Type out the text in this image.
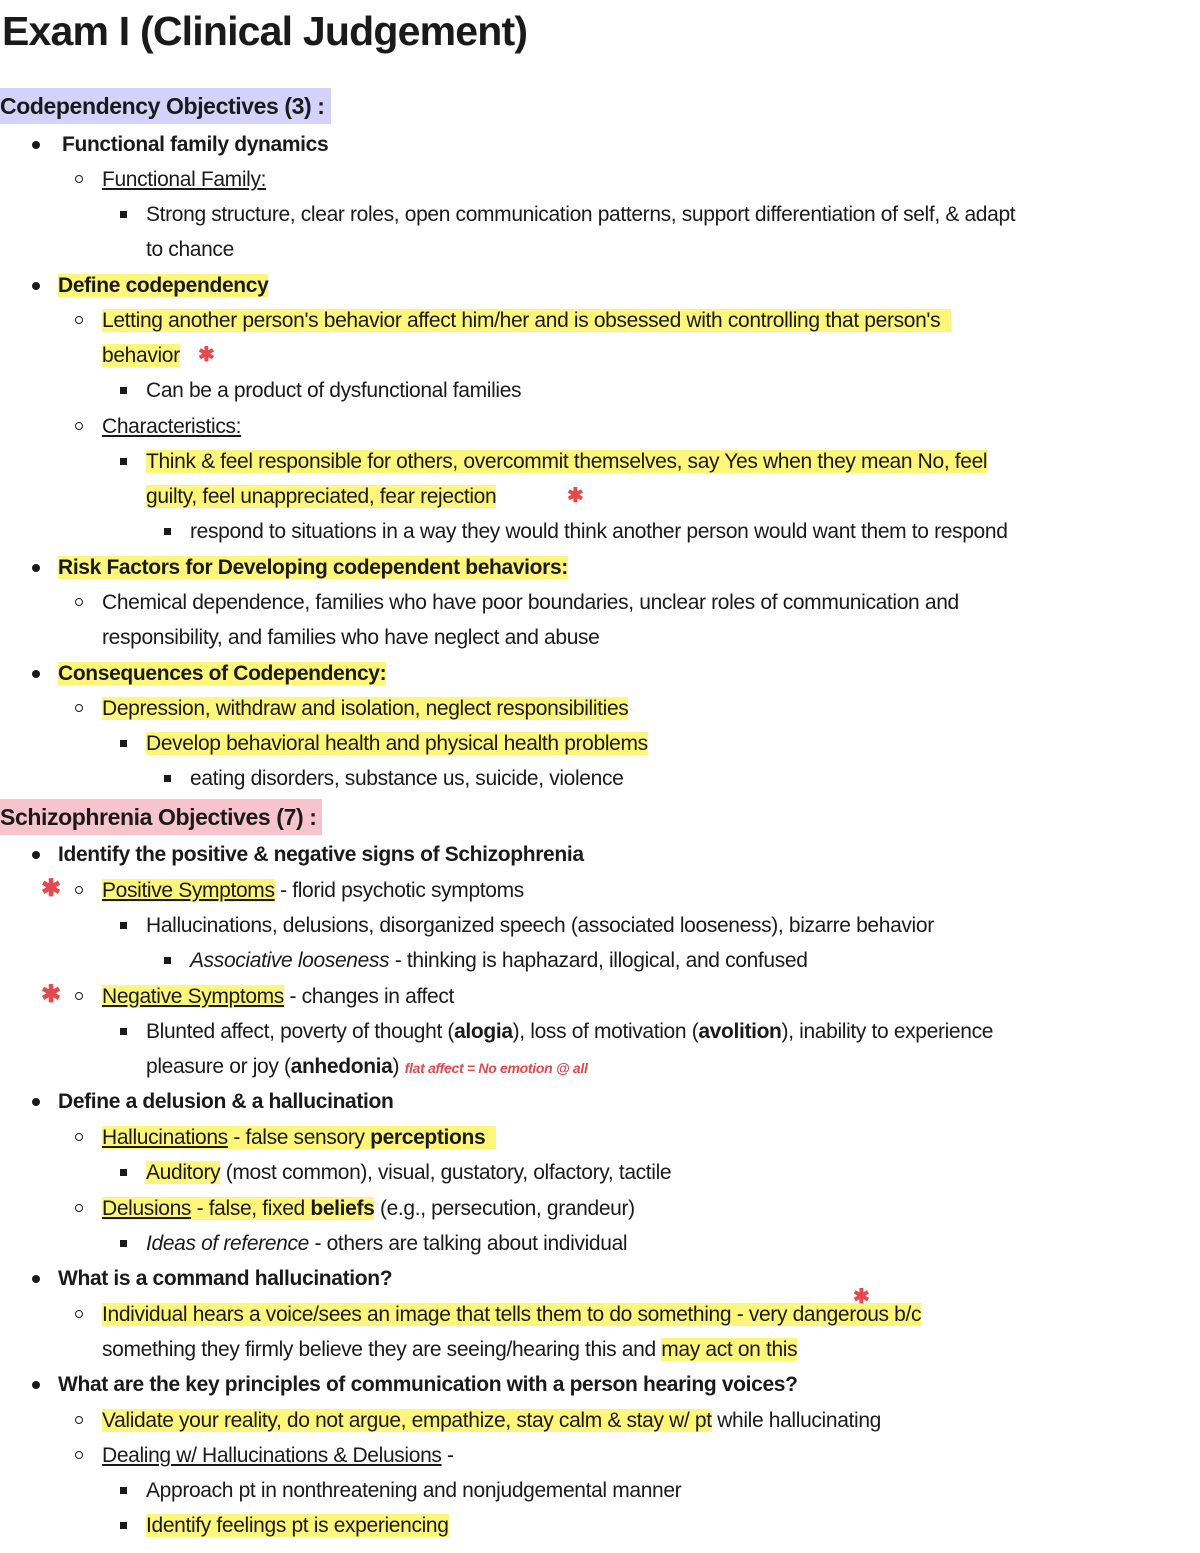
Exam I (Clinical Judgement)
Codependency Objectives (3) :
Functional family dynamics
Functional Family:
Strong structure, clear roles, open communication patterns, support differentiation of self, & adapt
to chance
Define codependency
Letting another person's behavior affect him/her and is obsessed with controlling that person's
behavior ✱
Can be a product of dysfunctional families
Characteristics:
Think & feel responsible for others, overcommit themselves, say Yes when they mean No, feel
guilty, feel unappreciated, fear rejection	✱
respond to situations in a way they would think another person would want them to respond
Risk Factors for Developing codependent behaviors:
Chemical dependence, families who have poor boundaries, unclear roles of communication and
responsibility, and families who have neglect and abuse
Consequences of Codependency:
Depression, withdraw and isolation, neglect responsibilities
Develop behavioral health and physical health problems
eating disorders, substance us, suicide, violence
Schizophrenia Objectives (7) :
Identify the positive & negative signs of Schizophrenia
✱ Positive Symptoms - florid psychotic symptoms
Hallucinations, delusions, disorganized speech (associated looseness), bizarre behavior
Associative looseness - thinking is haphazard, illogical, and confused
✱ Negative Symptoms - changes in affect
Blunted affect, poverty of thought (alogia), loss of motivation (avolition), inability to experience
pleasure or joy (anhedonia) flat affect = No emotion @ all
Define a delusion & a hallucination
Hallucinations - false sensory perceptions
Auditory (most common), visual, gustatory, olfactory, tactile
Delusions - false, fixed beliefs (e.g., persecution, grandeur)
Ideas of reference - others are talking about individual
What is a command hallucination?
Individual hears a voice/sees an image that tells them to do something - very dangerous b/c
✱
something they firmly believe they are seeing/hearing this and may act on this
What are the key principles of communication with a person hearing voices?
Validate your reality, do not argue, empathize, stay calm & stay w/ pt while hallucinating
Dealing w/ Hallucinations & Delusions -
Approach pt in nonthreatening and nonjudgemental manner
Identify feelings pt is experiencing
